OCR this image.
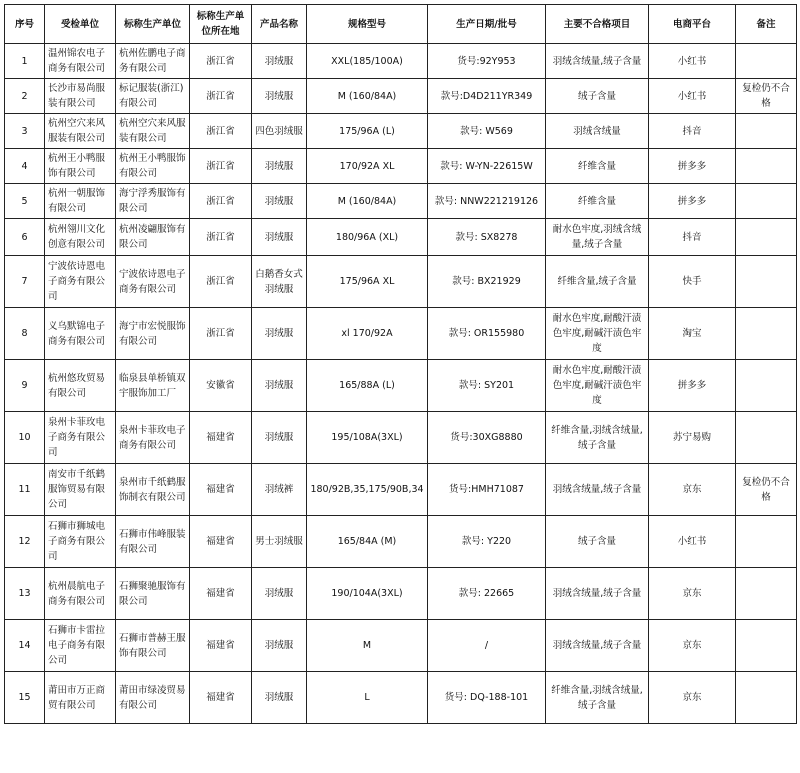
序号	受检单位	标称生产单位	标称生产单位所在地	产品名称	规格型号	生产日期/批号	主要不合格项目	电商平台	备注
1	温州锦农电子商务有限公司	杭州佐鹏电子商务有限公司	浙江省	羽绒服	XXL(185/100A)	货号:92Y953	羽绒含绒量,绒子含量	小红书	
2	长沙市易尚服装有限公司	标记服装(浙江)有限公司	浙江省	羽绒服	M (160/84A)	款号:D4D211YR349	绒子含量	小红书	复检仍不合格
3	杭州空穴来风服装有限公司	杭州空穴来风服装有限公司	浙江省	四色羽绒服	175/96A (L)	款号: W569	羽绒含绒量	抖音	
4	杭州王小鸭服饰有限公司	杭州王小鸭服饰有限公司	浙江省	羽绒服	170/92A XL	款号: W-YN-22615W	纤维含量	拼多多	
5	杭州一朝服饰有限公司	海宁浮秀服饰有限公司	浙江省	羽绒服	M (160/84A)	款号: NNW221219126	纤维含量	拼多多	
6	杭州翎川文化创意有限公司	杭州凌翩服饰有限公司	浙江省	羽绒服	180/96A (XL)	款号: SX8278	耐水色牢度,羽绒含绒量,绒子含量	抖音	
7	宁波依诗恩电子商务有限公司	宁波依诗恩电子商务有限公司	浙江省	白鹅香女式羽绒服	175/96A XL	款号: BX21929	纤维含量,绒子含量	快手	
8	义乌默锦电子商务有限公司	海宁市宏悦服饰有限公司	浙江省	羽绒服	xl 170/92A	款号: OR155980	耐水色牢度,耐酸汗渍色牢度,耐碱汗渍色牢度	淘宝	
9	杭州悠玫贸易有限公司	临泉县单桥镇双宇服饰加工厂	安徽省	羽绒服	165/88A (L)	款号: SY201	耐水色牢度,耐酸汗渍色牢度,耐碱汗渍色牢度	拼多多	
10	泉州卡菲玫电子商务有限公司	泉州卡菲玫电子商务有限公司	福建省	羽绒服	195/108A(3XL)	货号:30XG8880	纤维含量,羽绒含绒量,绒子含量	苏宁易购	
11	南安市千纸鹤服饰贸易有限公司	泉州市千纸鹤服饰制衣有限公司	福建省	羽绒裤	180/92B,35,175/90B,34	货号:HMH71087	羽绒含绒量,绒子含量	京东	复检仍不合格
12	石狮市狮城电子商务有限公司	石狮市伟峰服装有限公司	福建省	男士羽绒服	165/84A (M)	款号: Y220	绒子含量	小红书	
13	杭州晨航电子商务有限公司	石狮聚驰服饰有限公司	福建省	羽绒服	190/104A(3XL)	款号: 22665	羽绒含绒量,绒子含量	京东	
14	石狮市卡雷拉电子商务有限公司	石狮市普赫王服饰有限公司	福建省	羽绒服	M	/	羽绒含绒量,绒子含量	京东	
15	莆田市万正商贸有限公司	莆田市绿凌贸易有限公司	福建省	羽绒服	L	货号: DQ-188-101	纤维含量,羽绒含绒量,绒子含量	京东	
